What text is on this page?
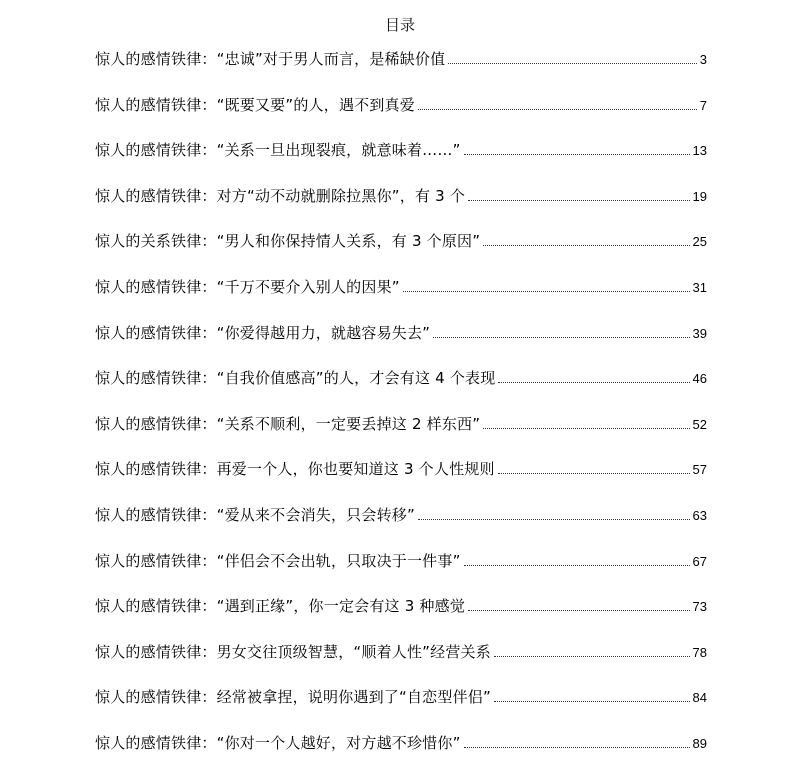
目录
惊人的感情铁律：“忠诚”对于男人而言，是稀缺价值	3
惊人的感情铁律：“既要又要”的人，遇不到真爱	7
惊人的感情铁律：“关系一旦出现裂痕，就意味着……”	13
惊人的感情铁律：对方“动不动就删除拉黑你”，有 3 个	19
惊人的关系铁律：“男人和你保持情人关系，有 3 个原因”	25
惊人的感情铁律：“千万不要介入别人的因果”	31
惊人的感情铁律：“你爱得越用力，就越容易失去”	39
惊人的感情铁律：“自我价值感高”的人，才会有这 4 个表现	46
惊人的感情铁律：“关系不顺利，一定要丢掉这 2 样东西”	52
惊人的感情铁律：再爱一个人，你也要知道这 3 个人性规则	57
惊人的感情铁律：“爱从来不会消失，只会转移”	63
惊人的感情铁律：“伴侣会不会出轨，只取决于一件事”	67
惊人的感情铁律：“遇到正缘”，你一定会有这 3 种感觉	73
惊人的感情铁律：男女交往顶级智慧，“顺着人性”经营关系	78
惊人的感情铁律：经常被拿捏，说明你遇到了“自恋型伴侣”	84
惊人的感情铁律：“你对一个人越好，对方越不珍惜你”	89
